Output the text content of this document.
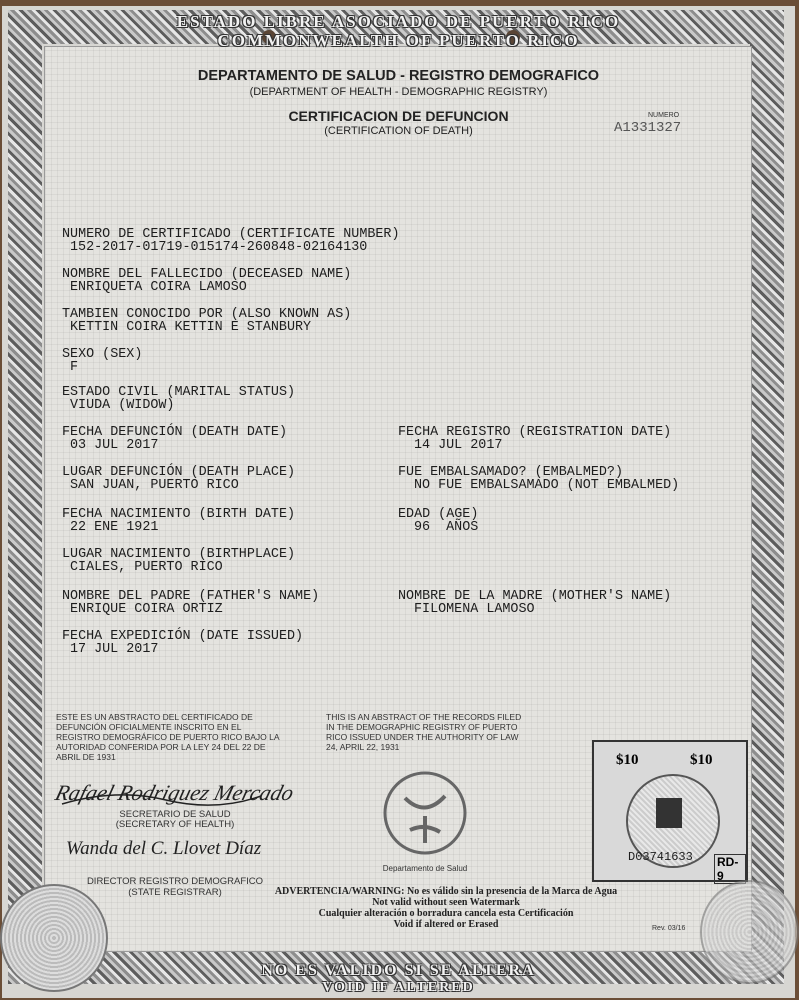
ESTADO LIBRE ASOCIADO DE PUERTO RICO
COMMONWEALTH OF PUERTO RICO
NO ES VALIDO SI SE ALTERA
VOID IF ALTERED
DEPARTAMENTO DE SALUD - REGISTRO DEMOGRAFICO
(DEPARTMENT OF HEALTH - DEMOGRAPHIC REGISTRY)
CERTIFICACION DE DEFUNCION
(CERTIFICATION OF DEATH)
NUMERO
A1331327
NUMERO DE CERTIFICADO (CERTIFICATE NUMBER)
152-2017-01719-015174-260848-02164130
NOMBRE DEL FALLECIDO (DECEASED NAME)
ENRIQUETA COIRA LAMOSO
TAMBIEN CONOCIDO POR (ALSO KNOWN AS)
KETTIN COIRA KETTIN E STANBURY
SEXO (SEX)
F
ESTADO CIVIL (MARITAL STATUS)
VIUDA (WIDOW)
FECHA DEFUNCIÓN (DEATH DATE)
03 JUL 2017
FECHA REGISTRO (REGISTRATION DATE)
14 JUL 2017
LUGAR DEFUNCIÓN (DEATH PLACE)
SAN JUAN, PUERTO RICO
FUE EMBALSAMADO? (EMBALMED?)
NO FUE EMBALSAMADO (NOT EMBALMED)
FECHA NACIMIENTO (BIRTH DATE)
22 ENE 1921
EDAD (AGE)
96  AÑOS
LUGAR NACIMIENTO (BIRTHPLACE)
CIALES, PUERTO RICO
NOMBRE DEL PADRE (FATHER'S NAME)
ENRIQUE COIRA ORTIZ
NOMBRE DE LA MADRE (MOTHER'S NAME)
FILOMENA LAMOSO
FECHA EXPEDICIÓN (DATE ISSUED)
17 JUL 2017
ESTE ES UN ABSTRACTO DEL CERTIFICADO DE DEFUNCIÓN OFICIALMENTE INSCRITO EN EL REGISTRO DEMOGRÁFICO DE PUERTO RICO BAJO LA AUTORIDAD CONFERIDA POR LA LEY 24 DEL 22 DE ABRIL DE 1931
THIS IS AN ABSTRACT OF THE RECORDS FILED IN THE DEMOGRAPHIC REGISTRY OF PUERTO RICO ISSUED UNDER THE AUTHORITY OF LAW 24, APRIL 22, 1931
Rafael Rodriguez Mercado
SECRETARIO DE SALUD
(SECRETARY OF HEALTH)
Wanda del C. Llovet Díaz
DIRECTOR REGISTRO DEMOGRAFICO
(STATE REGISTRAR)
Departamento de Salud
ADVERTENCIA/WARNING: No es válido sin la presencia de la Marca de Agua
Not valid without seen Watermark
Cualquier alteración o borradura cancela esta Certificación
Void if altered or Erased	Rev. 03/16
$10	$10
D03741633 RD-9
